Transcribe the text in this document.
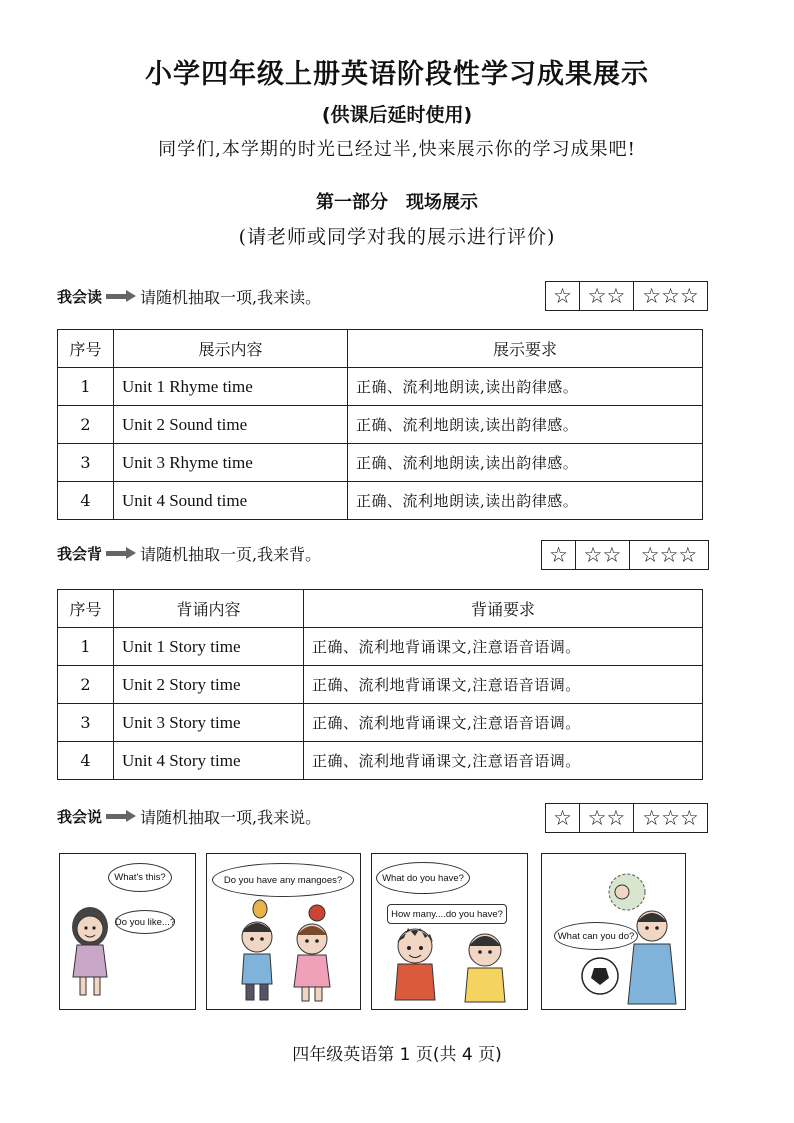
小学四年级上册英语阶段性学习成果展示
(供课后延时使用)
同学们,本学期的时光已经过半,快来展示你的学习成果吧!
第一部分　现场展示
(请老师或同学对我的展示进行评价)
我会读 请随机抽取一项,我来读。	☆ ☆☆ ☆☆☆
序号	展示内容	展示要求
1	Unit 1 Rhyme time	正确、流利地朗读,读出韵律感。
2	Unit 2 Sound time	正确、流利地朗读,读出韵律感。
3	Unit 3 Rhyme time	正确、流利地朗读,读出韵律感。
4	Unit 4 Sound time	正确、流利地朗读,读出韵律感。
我会背 请随机抽取一页,我来背。	☆ ☆☆ ☆☆☆
序号	背诵内容	背诵要求
1	Unit 1 Story time	正确、流利地背诵课文,注意语音语调。
2	Unit 2 Story time	正确、流利地背诵课文,注意语音语调。
3	Unit 3 Story time	正确、流利地背诵课文,注意语音语调。
4	Unit 4 Story time	正确、流利地背诵课文,注意语音语调。
我会说 请随机抽取一项,我来说。	☆ ☆☆ ☆☆☆
What's this?
Do you like...?
Do you have any mangoes?	What do you have?
How many....do you have?
What can you do?
四年级英语第 1 页(共 4 页)
